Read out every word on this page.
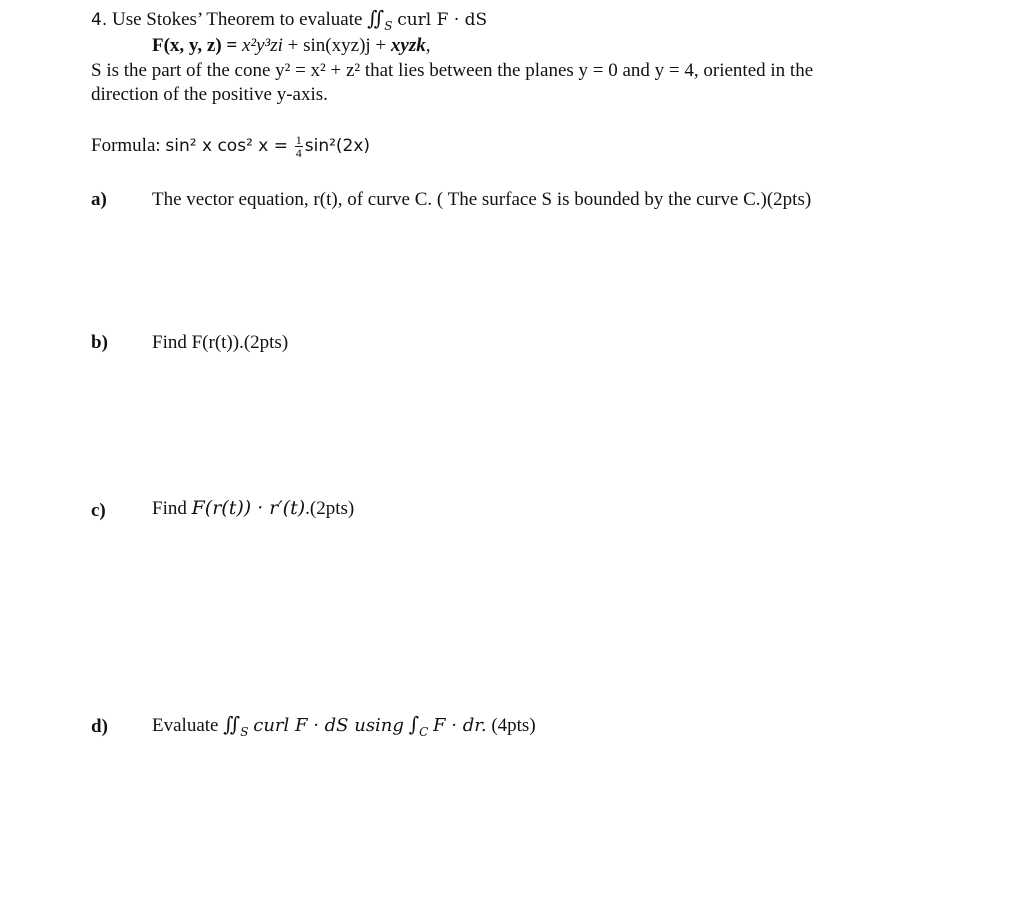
4. Use Stokes’ Theorem to evaluate $∬_S$ curl F · dS
F(x, y, z) = x²y³zi + sin(xyz)j + xyzk,
S is the part of the cone y² = x² + z² that lies between the planes y = 0 and y = 4, oriented in the
direction of the positive y-axis.
Formula: sin² x cos² $x = \frac{1}{4} \sin^2(2x)$
a) The vector equation, r(t), of curve C. ( The surface S is bounded by the curve C.)(2pts)
b) Find F(r(t)).(2pts)
c) Find F(r(t)) · r′(t).(2pts)
d) Evaluate $∬_S$ curl F · dS using $\int_C$ F · dr. (4pts)
